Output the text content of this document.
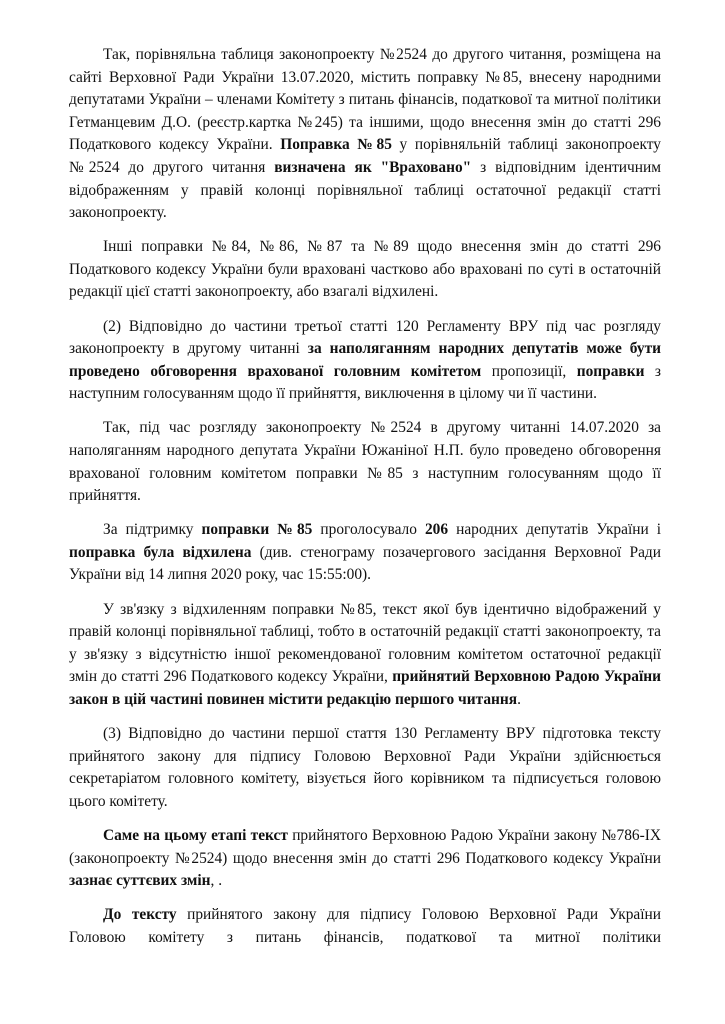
Так, порівняльна таблиця законопроекту №2524 до другого читання, розміщена на сайті Верховної Ради України 13.07.2020, містить поправку №85, внесену народними депутатами України – членами Комітету з питань фінансів, податкової та митної політики Гетманцевим Д.О. (реєстр.картка №245) та іншими, щодо внесення змін до статті 296 Податкового кодексу України. Поправка №85 у порівняльній таблиці законопроекту №2524 до другого читання визначена як "Враховано" з відповідним ідентичним відображенням у правій колонці порівняльної таблиці остаточної редакції статті законопроекту.

Інші поправки №84, №86, №87 та №89 щодо внесення змін до статті 296 Податкового кодексу України були враховані частково або враховані по суті в остаточній редакції цієї статті законопроекту, або взагалі відхилені.

(2) Відповідно до частини третьої статті 120 Регламенту ВРУ під час розгляду законопроекту в другому читанні за наполяганням народних депутатів може бути проведено обговорення врахованої головним комітетом пропозиції, поправки з наступним голосуванням щодо її прийняття, виключення в цілому чи її частини.

Так, під час розгляду законопроекту №2524 в другому читанні 14.07.2020 за наполяганням народного депутата України Южаніної Н.П. було проведено обговорення врахованої головним комітетом поправки №85 з наступним голосуванням щодо її прийняття.

За підтримку поправки №85 проголосувало 206 народних депутатів України і поправка була відхилена (див. стенограму позачергового засідання Верховної Ради України від 14 липня 2020 року, час 15:55:00).

У зв'язку з відхиленням поправки №85, текст якої був ідентично відображений у правій колонці порівняльної таблиці, тобто в остаточній редакції статті законопроекту, та у зв'язку з відсутністю іншої рекомендованої головним комітетом остаточної редакції змін до статті 296 Податкового кодексу України, прийнятий Верховною Радою України закон в цій частині повинен містити редакцію першого читання.

(3) Відповідно до частини першої стаття 130 Регламенту ВРУ підготовка тексту прийнятого закону для підпису Головою Верховної Ради України здійснюється секретаріатом головного комітету, візується його корівником та підписується головою цього комітету.

Саме на цьому етапі текст прийнятого Верховною Радою України закону №786-IX (законопроекту №2524) щодо внесення змін до статті 296 Податкового кодексу України зазнає суттєвих змін, .

До тексту прийнятого закону для підпису Головою Верховної Ради України Головою комітету з питань фінансів, податкової та митної політики
